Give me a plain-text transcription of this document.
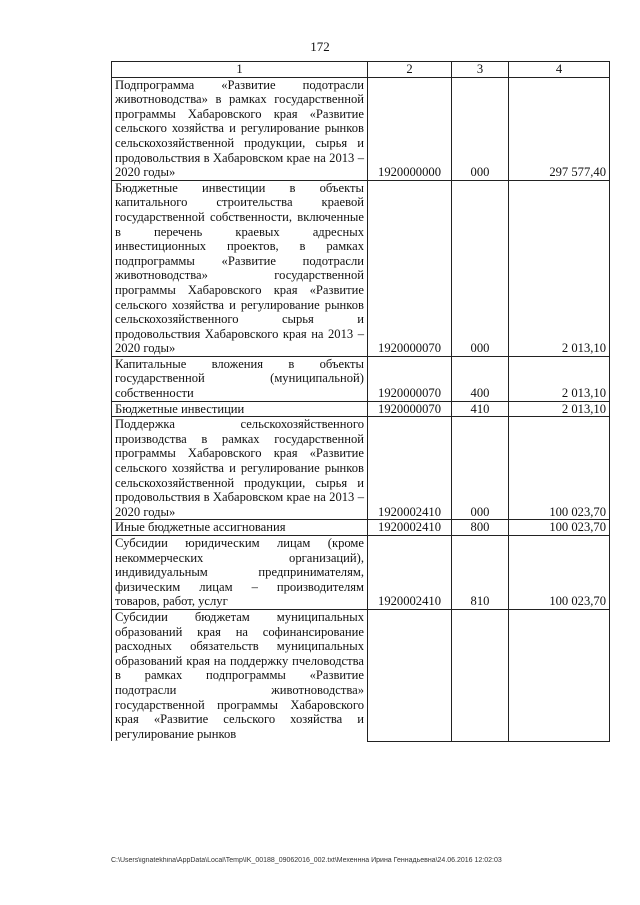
172
1	2	3	4
Подпрограмма «Развитие подотрасли животноводства» в рамках государственной программы Хабаровского края «Развитие сельского хозяйства и регулирование рынков сельскохозяйственной продукции, сырья и продовольствия в Хабаровском крае на 2013 – 2020 годы»	1920000000	000	297 577,40
Бюджетные инвестиции в объекты капитального строительства краевой государственной собственности, включенные в перечень краевых адресных инвестиционных проектов, в рамках подпрограммы «Развитие подотрасли животноводства» государственной программы Хабаровского края «Развитие сельского хозяйства и регулирование рынков сельскохозяйственного сырья и продовольствия Хабаровского края на 2013 – 2020 годы»	1920000070	000	2 013,10
Капитальные вложения в объекты государственной (муниципальной) собственности	1920000070	400	2 013,10
Бюджетные инвестиции	1920000070	410	2 013,10
Поддержка сельскохозяйственного производства в рамках государственной программы Хабаровского края «Развитие сельского хозяйства и регулирование рынков сельскохозяйственной продукции, сырья и продовольствия в Хабаровском крае на 2013 – 2020 годы»	1920002410	000	100 023,70
Иные бюджетные ассигнования	1920002410	800	100 023,70
Субсидии юридическим лицам (кроме некоммерческих организаций), индивидуальным предпринимателям, физическим лицам – производителям товаров, работ, услуг	1920002410	810	100 023,70
Субсидии бюджетам муниципальных образований края на софинансирование расходных обязательств муниципальных образований края на поддержку пчеловодства в рамках подпрограммы «Развитие подотрасли животноводства» государственной программы Хабаровского края «Развитие сельского хозяйства и регулирование рынков			
C:\Users\ignatekhina\AppData\Local\Temp\IK_00188_09062016_002.txt\Мехеннна Ирина Геннадьевна\24.06.2016 12:02:03
